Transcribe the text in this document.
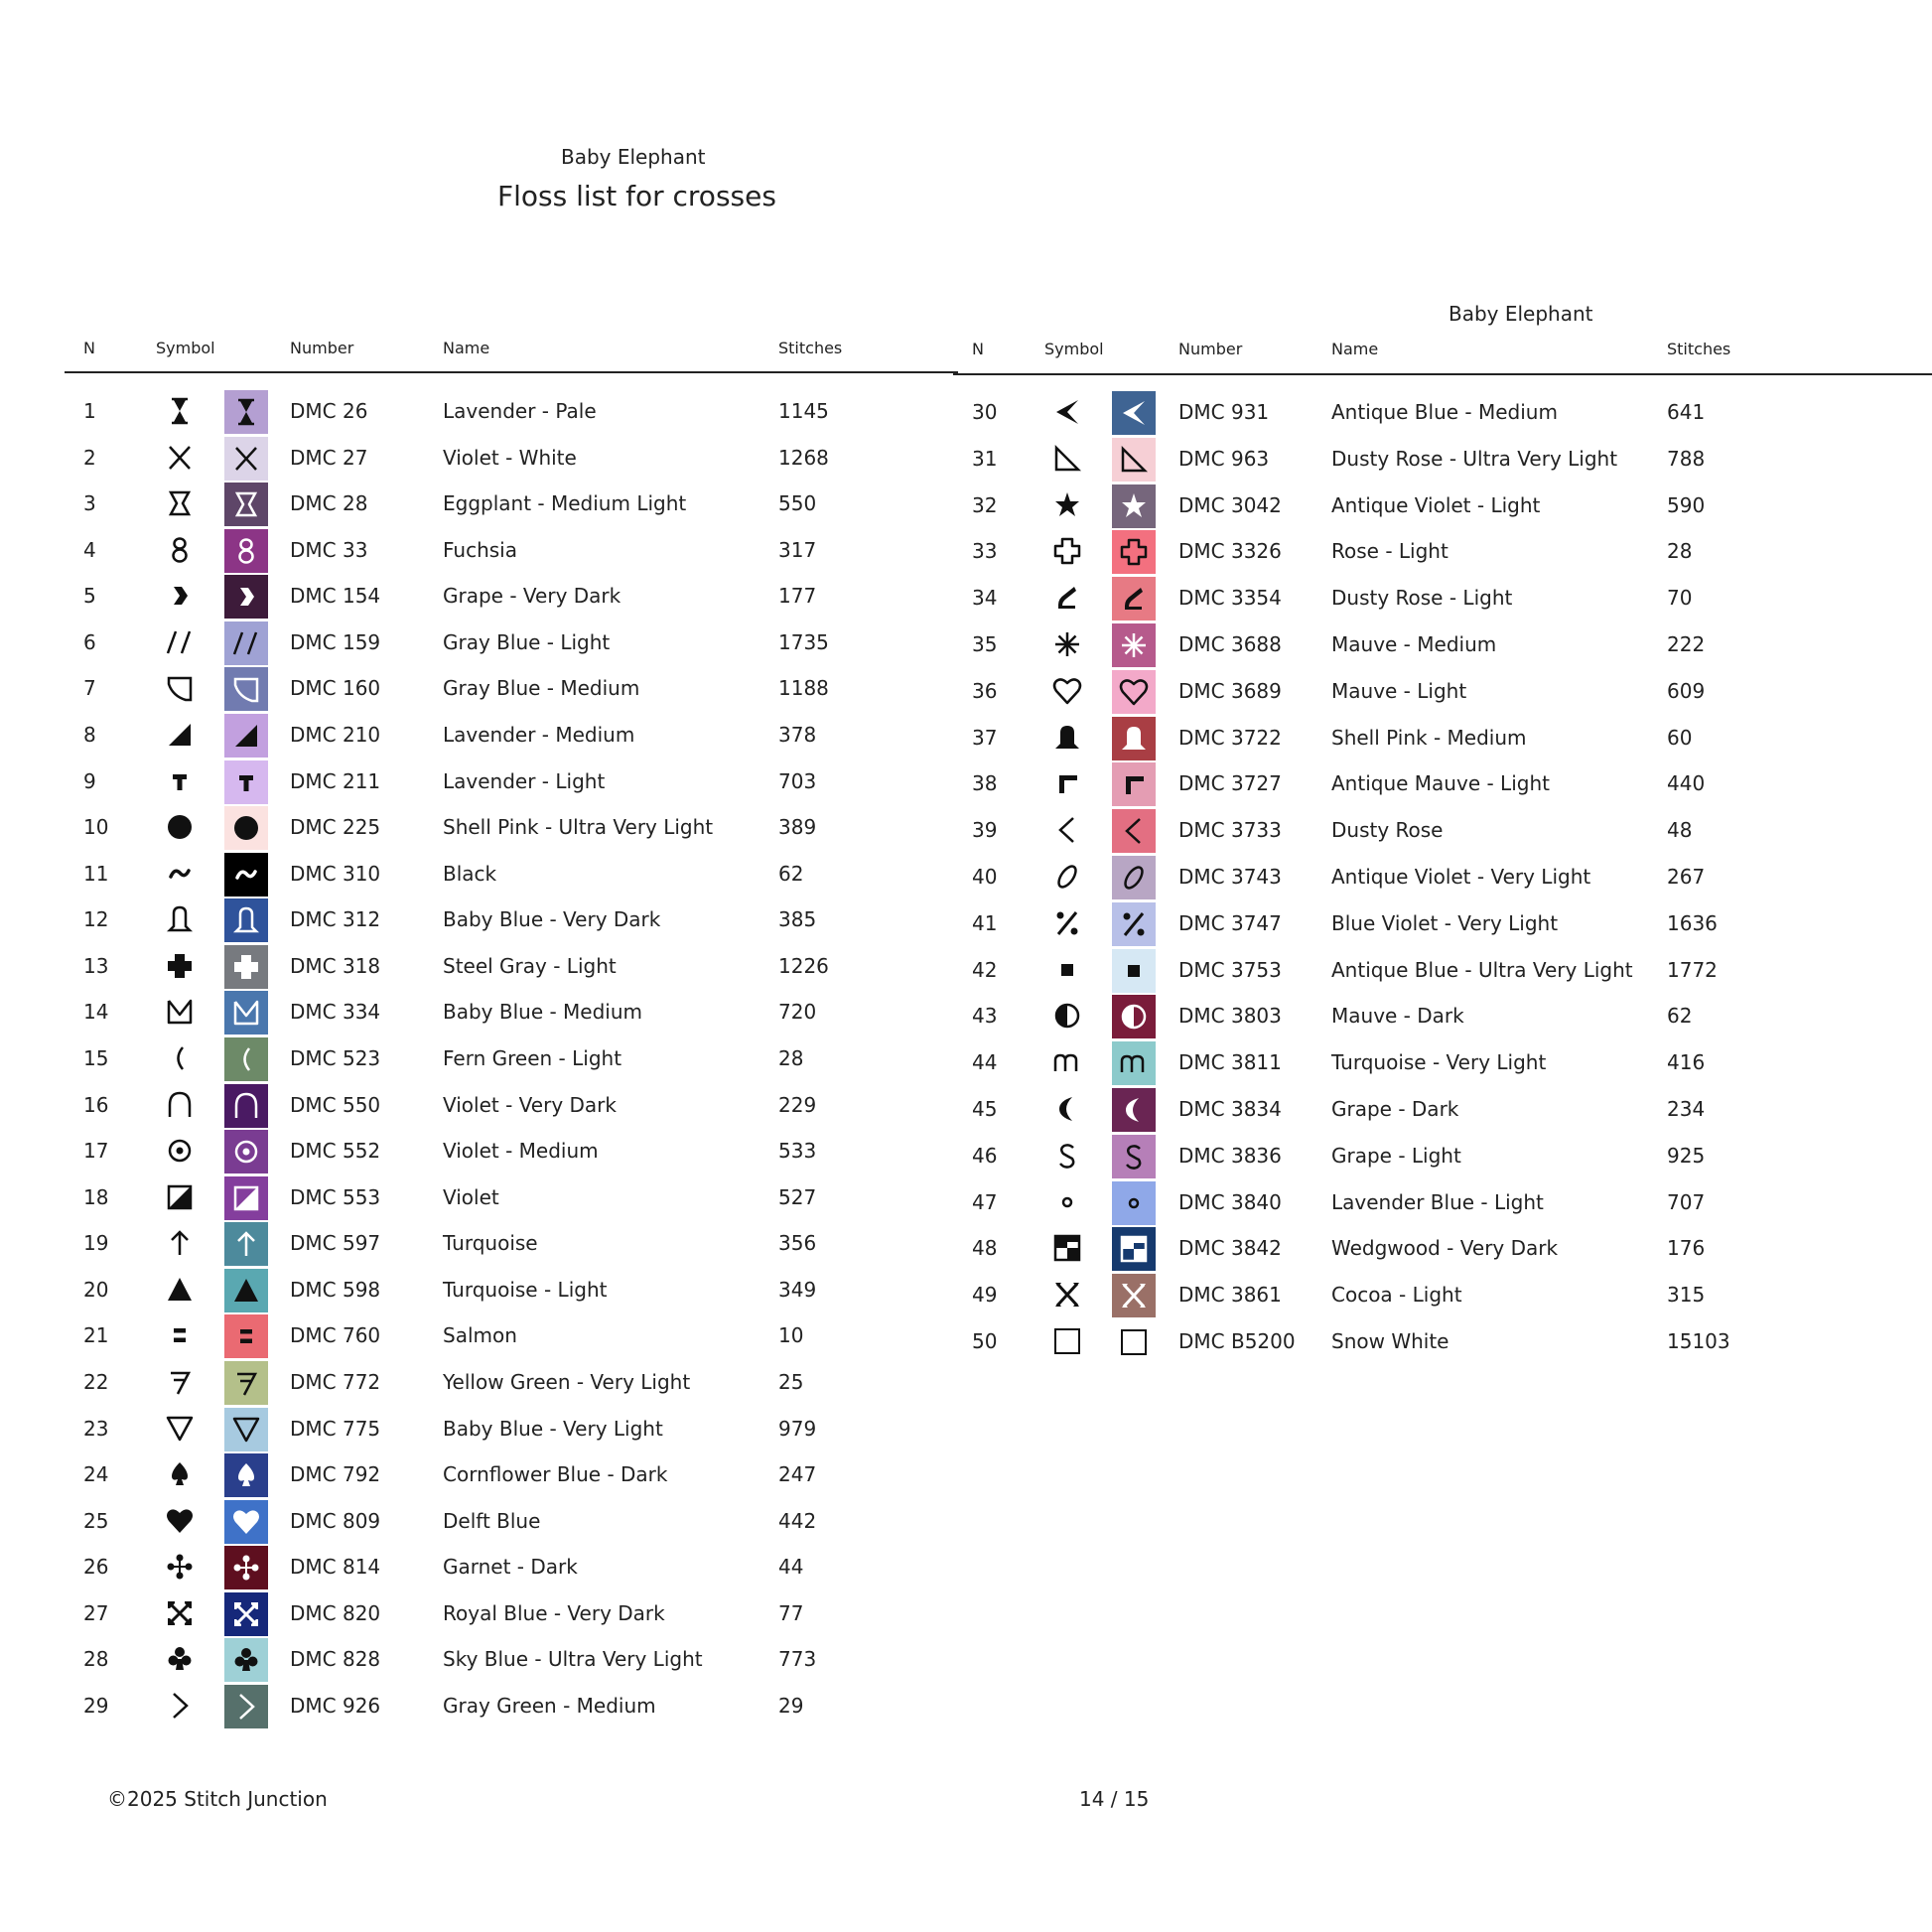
Baby Elephant
Floss list for crosses
Baby Elephant
N	Symbol	Number	Name	Stitches	N	Symbol	Number	Name	Stitches
1	DMC 26	Lavender - Pale	1145
2	DMC 27	Violet - White	1268
3	DMC 28	Eggplant - Medium Light	550
4	DMC 33	Fuchsia	317
5	DMC 154	Grape - Very Dark	177
6	DMC 159	Gray Blue - Light	1735
7	DMC 160	Gray Blue - Medium	1188
8	DMC 210	Lavender - Medium	378
9	DMC 211	Lavender - Light	703
10	DMC 225	Shell Pink - Ultra Very Light	389
11	DMC 310	Black	62
12	DMC 312	Baby Blue - Very Dark	385
13	DMC 318	Steel Gray - Light	1226
14	DMC 334	Baby Blue - Medium	720
15	DMC 523	Fern Green - Light	28
16	DMC 550	Violet - Very Dark	229
17	DMC 552	Violet - Medium	533
18	DMC 553	Violet	527
19	DMC 597	Turquoise	356
20	DMC 598	Turquoise - Light	349
21	DMC 760	Salmon	10
22	DMC 772	Yellow Green - Very Light	25
23	DMC 775	Baby Blue - Very Light	979
24	DMC 792	Cornflower Blue - Dark	247
25	DMC 809	Delft Blue	442
26	DMC 814	Garnet - Dark	44
27	DMC 820	Royal Blue - Very Dark	77
28	DMC 828	Sky Blue - Ultra Very Light	773
29	DMC 926	Gray Green - Medium	29
30	DMC 931	Antique Blue - Medium	641
31	DMC 963	Dusty Rose - Ultra Very Light 788
32	DMC 3042	Antique Violet - Light	590
33	DMC 3326	Rose - Light	28
34	DMC 3354	Dusty Rose - Light	70
35	DMC 3688	Mauve - Medium	222
36	DMC 3689	Mauve - Light	609
37	DMC 3722	Shell Pink - Medium	60
38	DMC 3727	Antique Mauve - Light	440
39	DMC 3733	Dusty Rose	48
40	DMC 3743	Antique Violet - Very Light	267
41	DMC 3747	Blue Violet - Very Light	1636
42	DMC 3753	Antique Blue - Ultra Very Light 1772
43	DMC 3803	Mauve - Dark	62
44	DMC 3811	Turquoise - Very Light	416
45	DMC 3834	Grape - Dark	234
46	DMC 3836	Grape - Light	925
47	DMC 3840	Lavender Blue - Light	707
48	DMC 3842	Wedgwood - Very Dark	176
49	DMC 3861	Cocoa - Light	315
50	DMC B5200 Snow White	15103
©2025 Stitch Junction	14 / 15
